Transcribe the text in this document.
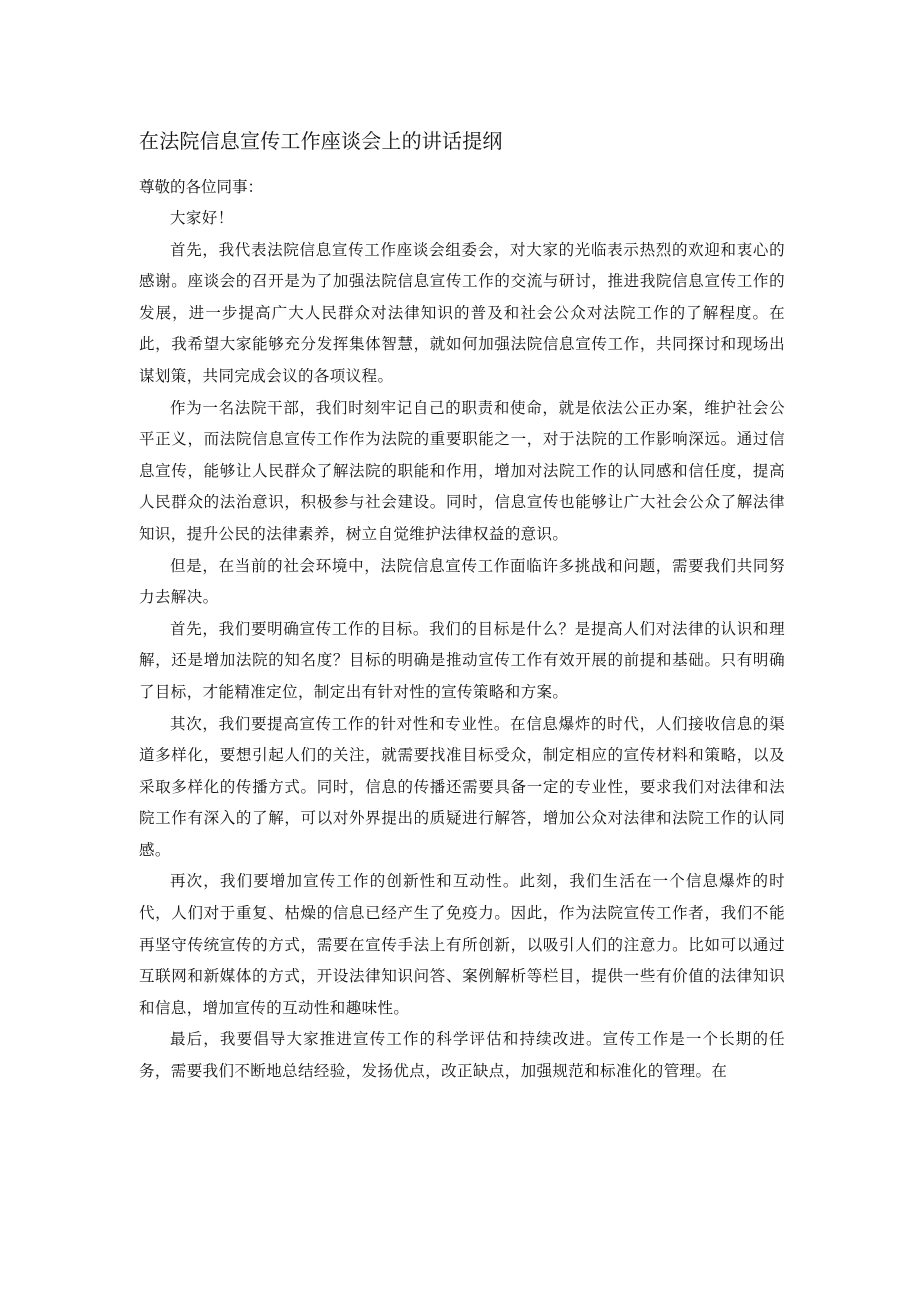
在法院信息宣传工作座谈会上的讲话提纲

尊敬的各位同事：

大家好！

首先，我代表法院信息宣传工作座谈会组委会，对大家的光临表示热烈的欢迎和衷心的感谢。座谈会的召开是为了加强法院信息宣传工作的交流与研讨，推进我院信息宣传工作的发展，进一步提高广大人民群众对法律知识的普及和社会公众对法院工作的了解程度。在此，我希望大家能够充分发挥集体智慧，就如何加强法院信息宣传工作，共同探讨和现场出谋划策，共同完成会议的各项议程。

作为一名法院干部，我们时刻牢记自己的职责和使命，就是依法公正办案，维护社会公平正义，而法院信息宣传工作作为法院的重要职能之一，对于法院的工作影响深远。通过信息宣传，能够让人民群众了解法院的职能和作用，增加对法院工作的认同感和信任度，提高人民群众的法治意识，积极参与社会建设。同时，信息宣传也能够让广大社会公众了解法律知识，提升公民的法律素养，树立自觉维护法律权益的意识。

但是，在当前的社会环境中，法院信息宣传工作面临许多挑战和问题，需要我们共同努力去解决。

首先，我们要明确宣传工作的目标。我们的目标是什么？是提高人们对法律的认识和理解，还是增加法院的知名度？目标的明确是推动宣传工作有效开展的前提和基础。只有明确了目标，才能精准定位，制定出有针对性的宣传策略和方案。

其次，我们要提高宣传工作的针对性和专业性。在信息爆炸的时代，人们接收信息的渠道多样化，要想引起人们的关注，就需要找准目标受众，制定相应的宣传材料和策略，以及采取多样化的传播方式。同时，信息的传播还需要具备一定的专业性，要求我们对法律和法院工作有深入的了解，可以对外界提出的质疑进行解答，增加公众对法律和法院工作的认同感。

再次，我们要增加宣传工作的创新性和互动性。此刻，我们生活在一个信息爆炸的时代，人们对于重复、枯燥的信息已经产生了免疫力。因此，作为法院宣传工作者，我们不能再坚守传统宣传的方式，需要在宣传手法上有所创新，以吸引人们的注意力。比如可以通过互联网和新媒体的方式，开设法律知识问答、案例解析等栏目，提供一些有价值的法律知识和信息，增加宣传的互动性和趣味性。

最后，我要倡导大家推进宣传工作的科学评估和持续改进。宣传工作是一个长期的任务，需要我们不断地总结经验，发扬优点，改正缺点，加强规范和标准化的管理。在
